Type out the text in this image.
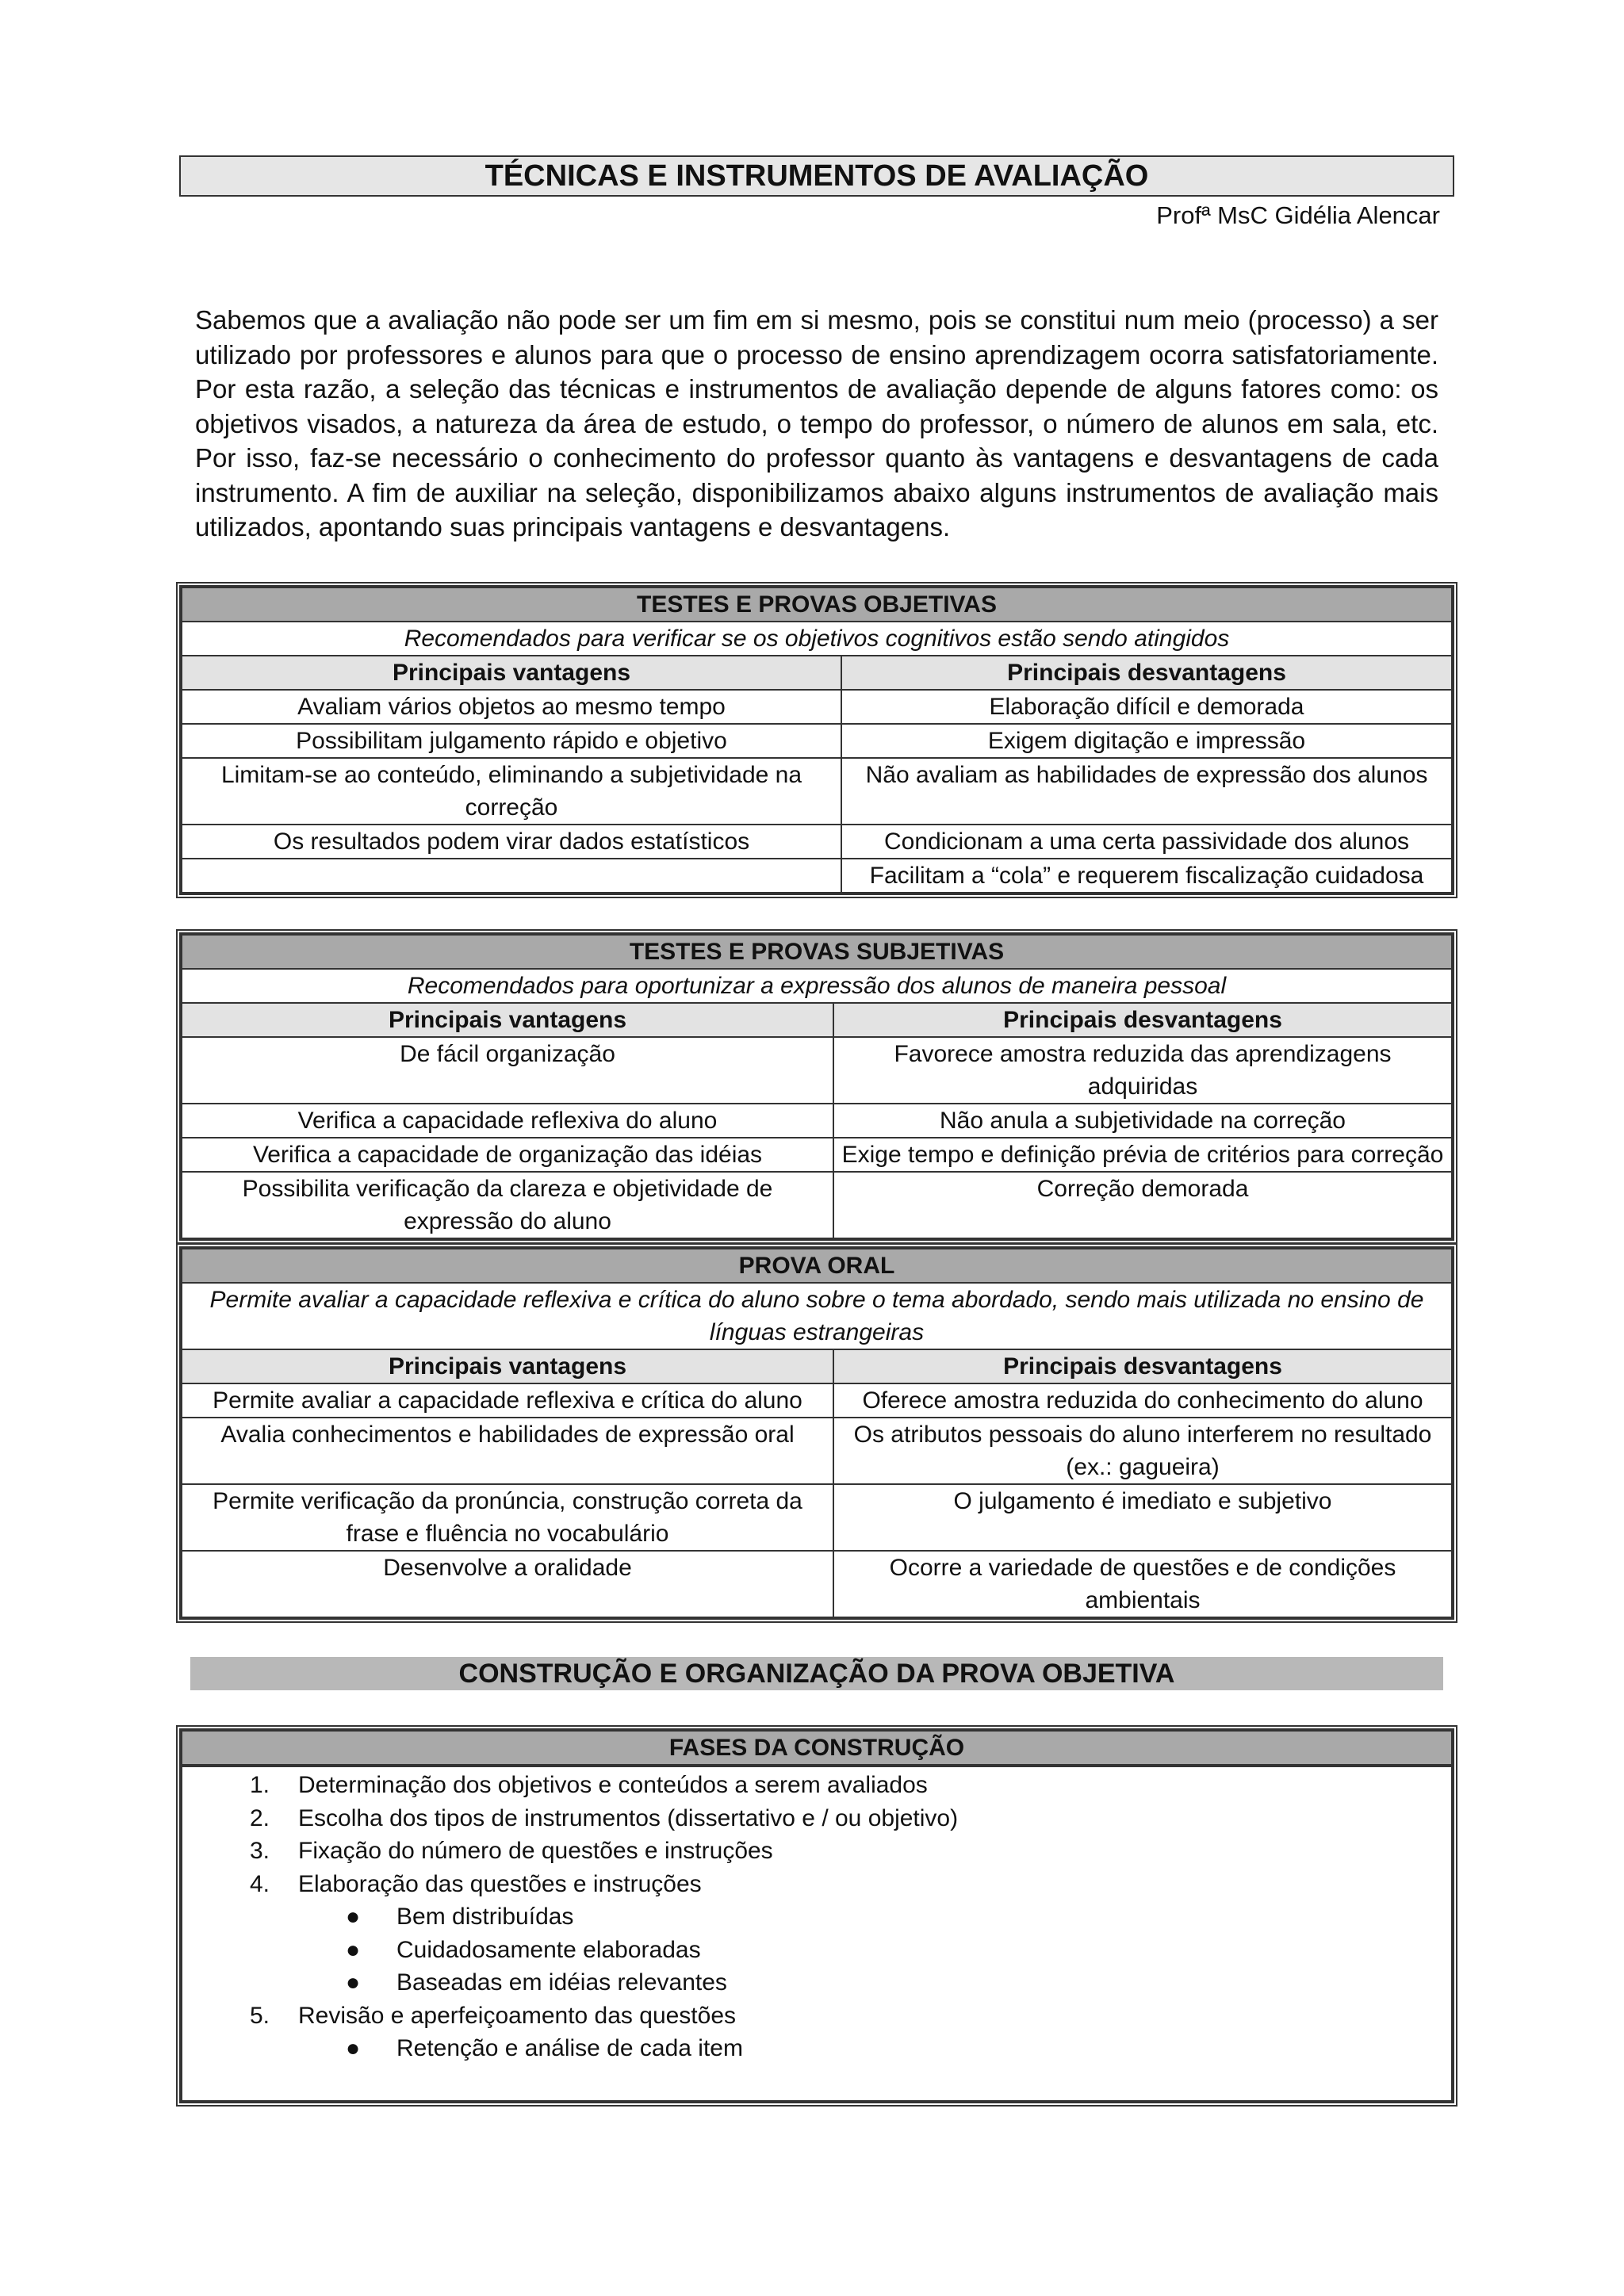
TÉCNICAS E INSTRUMENTOS DE AVALIAÇÃO
Profª MsC Gidélia Alencar

Sabemos que a avaliação não pode ser um fim em si mesmo, pois se constitui num meio (processo) a ser utilizado por professores e alunos para que o processo de ensino aprendizagem ocorra satisfatoriamente. Por esta razão, a seleção das técnicas e instrumentos de avaliação depende de alguns fatores como: os objetivos visados, a natureza da área de estudo, o tempo do professor, o número de alunos em sala, etc. Por isso, faz-se necessário o conhecimento do professor quanto às vantagens e desvantagens de cada instrumento. A fim de auxiliar na seleção, disponibilizamos abaixo alguns instrumentos de avaliação mais utilizados, apontando suas principais vantagens e desvantagens.

TESTES E PROVAS OBJETIVAS	
Recomendados para verificar se os objetivos cognitivos estão sendo atingidos	
Principais vantagens	Principais desvantagens
Avaliam vários objetos ao mesmo tempo	Elaboração difícil e demorada
Possibilitam julgamento rápido e objetivo	Exigem digitação e impressão
Limitam-se ao conteúdo, eliminando a subjetividade na correção	Não avaliam as habilidades de expressão dos alunos
Os resultados podem virar dados estatísticos	Condicionam a uma certa passividade dos alunos
	Facilitam a “cola” e requerem fiscalização cuidadosa
TESTES E PROVAS SUBJETIVAS	
Recomendados para oportunizar a expressão dos alunos de maneira pessoal	
Principais vantagens	Principais desvantagens
De fácil organização	Favorece amostra reduzida das aprendizagens adquiridas
Verifica a capacidade reflexiva do aluno	Não anula a subjetividade na correção
Verifica a capacidade de organização das idéias	Exige tempo e definição prévia de critérios para correção
Possibilita verificação da clareza e objetividade de expressão do aluno	Correção demorada
PROVA ORAL	
Permite avaliar a capacidade reflexiva e crítica do aluno sobre o tema abordado, sendo mais utilizada no ensino de línguas estrangeiras	
Principais vantagens	Principais desvantagens
Permite avaliar a capacidade reflexiva e crítica do aluno	Oferece amostra reduzida do conhecimento do aluno
Avalia conhecimentos e habilidades de expressão oral	Os atributos pessoais do aluno interferem no resultado (ex.: gagueira)
Permite verificação da pronúncia, construção correta da frase e fluência no vocabulário	O julgamento é imediato e subjetivo
Desenvolve a oralidade	Ocorre a variedade de questões e de condições ambientais
CONSTRUÇÃO E ORGANIZAÇÃO DA PROVA OBJETIVA
FASES DA CONSTRUÇÃO
1. Determinação dos objetivos e conteúdos a serem avaliados
2. Escolha dos tipos de instrumentos (dissertativo e / ou objetivo)
3. Fixação do número de questões e instruções
4. Elaboração das questões e instruções
● Bem distribuídas
● Cuidadosamente elaboradas
● Baseadas em idéias relevantes
5. Revisão e aperfeiçoamento das questões
● Retenção e análise de cada item
